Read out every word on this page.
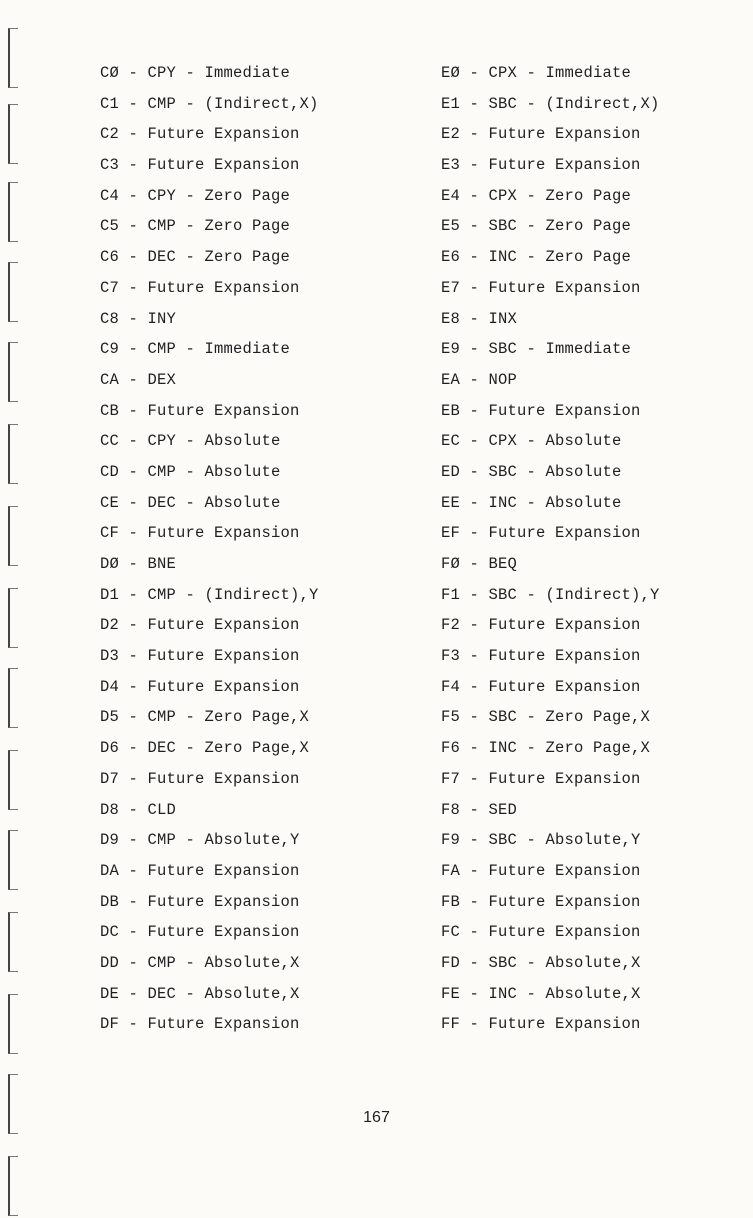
CØ - CPY - Immediate
C1 - CMP - (Indirect,X)
C2 - Future Expansion
C3 - Future Expansion
C4 - CPY - Zero Page
C5 - CMP - Zero Page
C6 - DEC - Zero Page
C7 - Future Expansion
C8 - INY
C9 - CMP - Immediate
CA - DEX
CB - Future Expansion
CC - CPY - Absolute
CD - CMP - Absolute
CE - DEC - Absolute
CF - Future Expansion
DØ - BNE
D1 - CMP - (Indirect),Y
D2 - Future Expansion
D3 - Future Expansion
D4 - Future Expansion
D5 - CMP - Zero Page,X
D6 - DEC - Zero Page,X
D7 - Future Expansion
D8 - CLD
D9 - CMP - Absolute,Y
DA - Future Expansion
DB - Future Expansion
DC - Future Expansion
DD - CMP - Absolute,X
DE - DEC - Absolute,X
DF - Future Expansion
EØ - CPX - Immediate
E1 - SBC - (Indirect,X)
E2 - Future Expansion
E3 - Future Expansion
E4 - CPX - Zero Page
E5 - SBC - Zero Page
E6 - INC - Zero Page
E7 - Future Expansion
E8 - INX
E9 - SBC - Immediate
EA - NOP
EB - Future Expansion
EC - CPX - Absolute
ED - SBC - Absolute
EE - INC - Absolute
EF - Future Expansion
FØ - BEQ
F1 - SBC - (Indirect),Y
F2 - Future Expansion
F3 - Future Expansion
F4 - Future Expansion
F5 - SBC - Zero Page,X
F6 - INC - Zero Page,X
F7 - Future Expansion
F8 - SED
F9 - SBC - Absolute,Y
FA - Future Expansion
FB - Future Expansion
FC - Future Expansion
FD - SBC - Absolute,X
FE - INC - Absolute,X
FF - Future Expansion
167
